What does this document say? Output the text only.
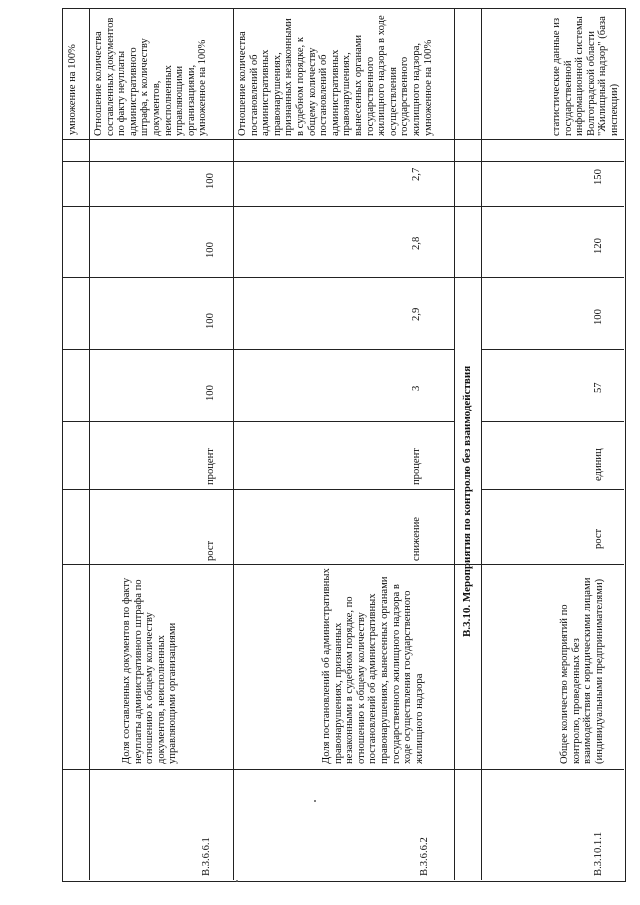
умножение на 100%
В.3.6.6.1
Доля составленных документов по факту неуплаты административного штрафа по отношению к общему количеству документов, неисполненных управляющими организациями
рост
процент
100
100
100
100
Отношение количества составленных документов по факту неуплаты административного штрафа, к количеству документов, неисполненных управляющими организациями, умноженное на 100%
В.3.6.6.2
Доля постановлений об административных правонарушениях, признанных незаконными в судебном порядке, по отношению к общему количеству постановлений об административных правонарушениях, вынесенных органами государственного жилищного надзора в ходе осуществления государственного жилищного надзора
снижение
процент
3
2,9
2,8
2,7
Отношение количества постановлений об административных правонарушениях, признанных незаконными в судебном порядке, к общему количеству постановлений об административных правонарушениях, вынесенных органами государственного жилищного надзора в ходе осуществления государственного жилищного надзора, умноженное на 100%
В.3.10. Мероприятия по контролю без взаимодействия
В.3.10.1.1
Общее количество мероприятий по контролю, проведенных без взаимодействия с юридическими лицами (индивидуальными предпринимателями)
рост
единиц
57
100
120
150
статистические данные из государственной информационной системы Волгоградской области "Жилищный надзор" (база инспекции)
